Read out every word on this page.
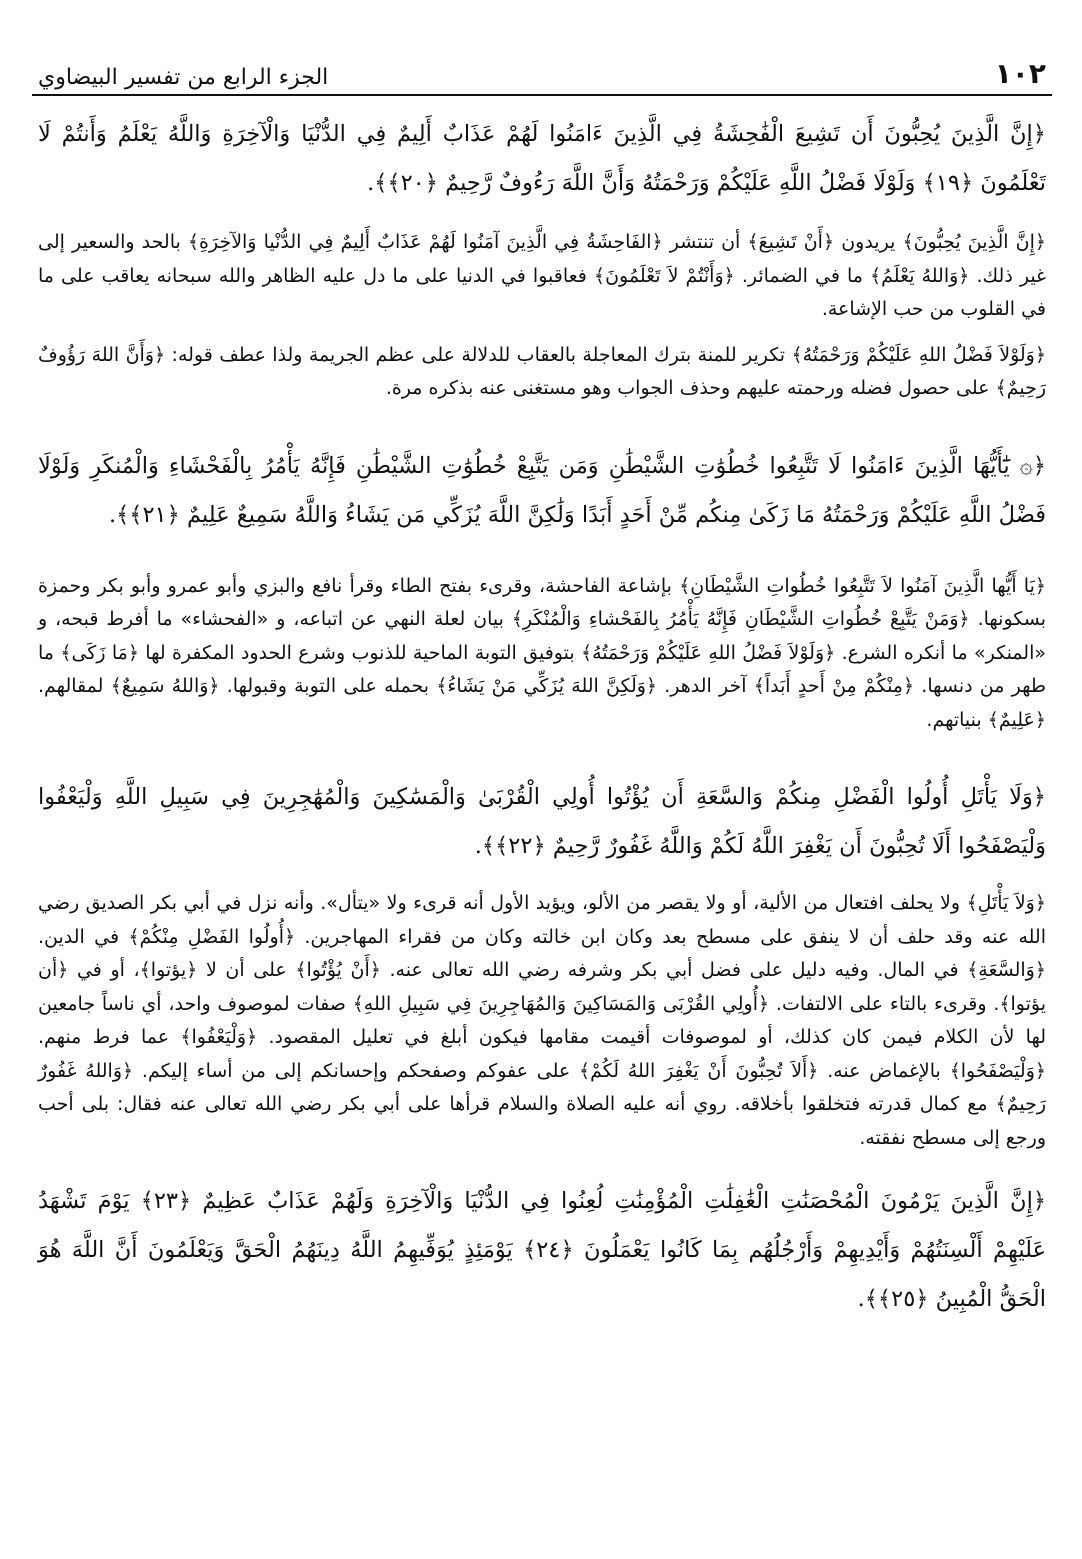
١٠٢
الجزء الرابع من تفسير البيضاوي

﴿إِنَّ الَّذِينَ يُحِبُّونَ أَن تَشِيعَ الْفَٰحِشَةُ فِي الَّذِينَ ءَامَنُوا لَهُمْ عَذَابٌ أَلِيمٌ فِي الدُّنْيَا وَالْآخِرَةِ وَاللَّهُ يَعْلَمُ وَأَنتُمْ لَا تَعْلَمُونَ ﴿١٩﴾ وَلَوْلَا فَضْلُ اللَّهِ عَلَيْكُمْ وَرَحْمَتُهُ وَأَنَّ اللَّهَ رَءُوفٌ رَّحِيمٌ ﴿٢٠﴾﴾.

﴿إِنَّ الَّذِينَ يُحِبُّونَ﴾ يريدون ﴿أَنْ تَشِيعَ﴾ أن تنتشر ﴿الفَاحِشَةُ فِي الَّذِينَ آمَنُوا لَهُمْ عَذَابٌ أَلِيمٌ فِي الدُّنْيا وَالآخِرَةِ﴾ بالحد والسعير إلى غير ذلك. ﴿وَاللهُ يَعْلَمُ﴾ ما في الضمائر. ﴿وَأَنْتُمْ لاَ تَعْلَمُونَ﴾ فعاقبوا في الدنيا على ما دل عليه الظاهر والله سبحانه يعاقب على ما في القلوب من حب الإشاعة.

﴿وَلَوْلاَ فَضْلُ اللهِ عَلَيْكُمْ وَرَحْمَتُهُ﴾ تكرير للمنة بترك المعاجلة بالعقاب للدلالة على عظم الجريمة ولذا عطف قوله: ﴿وَأَنَّ اللهَ رَؤُوفٌ رَحِيمٌ﴾ على حصول فضله ورحمته عليهم وحذف الجواب وهو مستغنى عنه بذكره مرة.

﴿۞ يَٰٓأَيُّهَا الَّذِينَ ءَامَنُوا لَا تَتَّبِعُوا خُطُوَٰتِ الشَّيْطَٰنِ وَمَن يَتَّبِعْ خُطُوَٰتِ الشَّيْطَٰنِ فَإِنَّهُ يَأْمُرُ بِالْفَحْشَاءِ وَالْمُنكَرِ وَلَوْلَا فَضْلُ اللَّهِ عَلَيْكُمْ وَرَحْمَتُهُ مَا زَكَىٰ مِنكُم مِّنْ أَحَدٍ أَبَدًا وَلَٰكِنَّ اللَّهَ يُزَكِّي مَن يَشَاءُ وَاللَّهُ سَمِيعٌ عَلِيمٌ ﴿٢١﴾﴾.

﴿يَا أَيُّها الَّذِينَ آمَنُوا لاَ تَتَّبِعُوا خُطُواتِ الشَّيْطَانِ﴾ بإشاعة الفاحشة، وقرىء بفتح الطاء وقرأ نافع والبزي وأبو عمرو وأبو بكر وحمزة بسكونها. ﴿وَمَنْ يَتَّبِعْ خُطُواتِ الشَّيْطَانِ فَإِنَّهُ يَأْمُرُ بِالفَحْشاءِ وَالْمُنْكَرِ﴾ بيان لعلة النهي عن اتباعه، و «الفحشاء» ما أفرط قبحه، و «المنكر» ما أنكره الشرع. ﴿وَلَوْلاَ فَضْلُ اللهِ عَلَيْكُمْ وَرَحْمَتُهُ﴾ بتوفيق التوبة الماحية للذنوب وشرع الحدود المكفرة لها ﴿مَا زَكَى﴾ ما طهر من دنسها. ﴿مِنْكُمْ مِنْ أَحدٍ أَبَداً﴾ آخر الدهر. ﴿وَلَكِنَّ اللهَ يُزَكِّي مَنْ يَشَاءُ﴾ بحمله على التوبة وقبولها. ﴿وَاللهُ سَمِيعٌ﴾ لمقالهم. ﴿عَلِيمٌ﴾ بنياتهم.

﴿وَلَا يَأْتَلِ أُولُوا الْفَضْلِ مِنكُمْ وَالسَّعَةِ أَن يُؤْتُوا أُولِي الْقُرْبَىٰ وَالْمَسَٰكِينَ وَالْمُهَٰجِرِينَ فِي سَبِيلِ اللَّهِ وَلْيَعْفُوا وَلْيَصْفَحُوا أَلَا تُحِبُّونَ أَن يَغْفِرَ اللَّهُ لَكُمْ وَاللَّهُ غَفُورٌ رَّحِيمٌ ﴿٢٢﴾﴾.

﴿وَلاَ يَأْتَلِ﴾ ولا يحلف افتعال من الألية، أو ولا يقصر من الألو، ويؤيد الأول أنه قرىء ولا «يتأل». وأنه نزل في أبي بكر الصديق رضي الله عنه وقد حلف أن لا ينفق على مسطح بعد وكان ابن خالته وكان من فقراء المهاجرين. ﴿أُولُوا الفَضْلِ مِنْكُمْ﴾ في الدين. ﴿وَالسَّعَةِ﴾ في المال. وفيه دليل على فضل أبي بكر وشرفه رضي الله تعالى عنه. ﴿أَنْ يُؤْتُوا﴾ على أن لا ﴿يؤتوا﴾، أو في ﴿أن يؤتوا﴾. وقرىء بالتاء على الالتفات. ﴿أُولِي القُرْبَى وَالمَسَاكِينَ وَالمُهَاجِرِينَ فِي سَبِيلِ اللهِ﴾ صفات لموصوف واحد، أي ناساً جامعين لها لأن الكلام فيمن كان كذلك، أو لموصوفات أقيمت مقامها فيكون أبلغ في تعليل المقصود. ﴿وَلْيَعْفُوا﴾ عما فرط منهم. ﴿وَلْيَصْفَحُوا﴾ بالإغماض عنه. ﴿أَلاَ تُحِبُّونَ أَنْ يَغْفِرَ اللهُ لَكُمْ﴾ على عفوكم وصفحكم وإحسانكم إلى من أساء إليكم. ﴿وَاللهُ غَفُورٌ رَحِيمٌ﴾ مع كمال قدرته فتخلقوا بأخلاقه. روي أنه عليه الصلاة والسلام قرأها على أبي بكر رضي الله تعالى عنه فقال: بلى أحب ورجع إلى مسطح نفقته.

﴿إِنَّ الَّذِينَ يَرْمُونَ الْمُحْصَنَٰتِ الْغَٰفِلَٰتِ الْمُؤْمِنَٰتِ لُعِنُوا فِي الدُّنْيَا وَالْآخِرَةِ وَلَهُمْ عَذَابٌ عَظِيمٌ ﴿٢٣﴾ يَوْمَ تَشْهَدُ عَلَيْهِمْ أَلْسِنَتُهُمْ وَأَيْدِيهِمْ وَأَرْجُلُهُم بِمَا كَانُوا يَعْمَلُونَ ﴿٢٤﴾ يَوْمَئِذٍ يُوَفِّيهِمُ اللَّهُ دِينَهُمُ الْحَقَّ وَيَعْلَمُونَ أَنَّ اللَّهَ هُوَ الْحَقُّ الْمُبِينُ ﴿٢٥﴾﴾.
